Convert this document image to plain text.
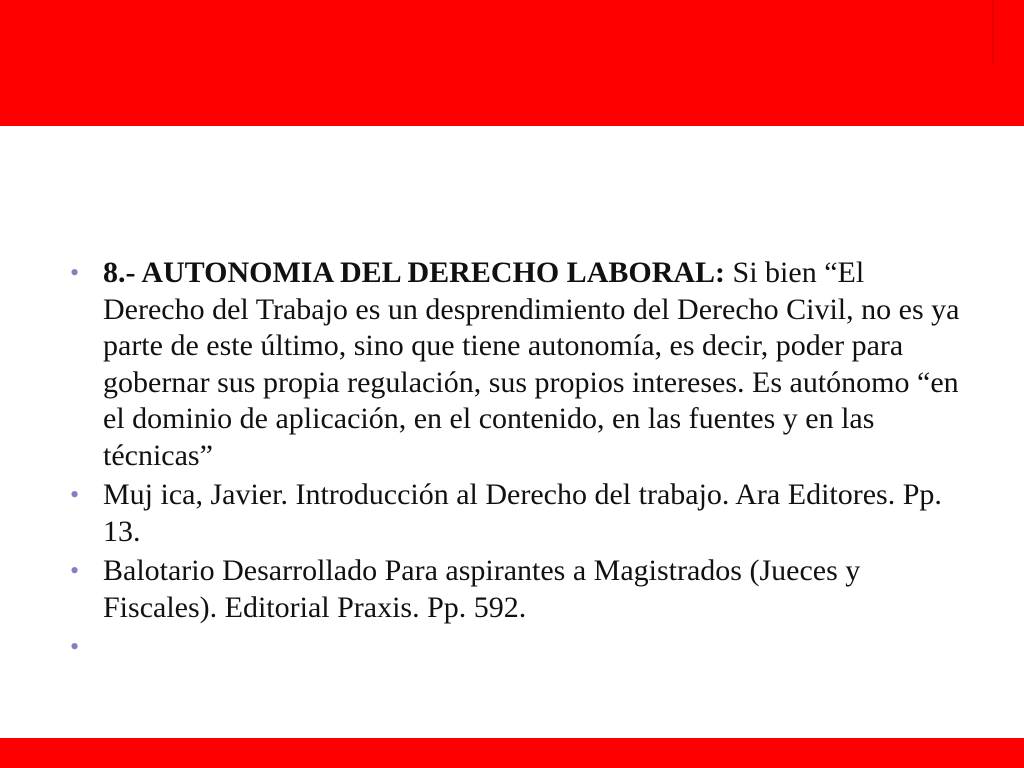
• 8.- AUTONOMIA DEL DERECHO LABORAL: Si bien “El Derecho del Trabajo es un desprendimiento del Derecho Civil, no es ya parte de este último, sino que tiene autonomía, es decir, poder para gobernar sus propia regulación, sus propios intereses. Es autónomo “en el dominio de aplicación, en el contenido, en las fuentes y en las técnicas”
• Muj ica, Javier. Introducción al Derecho del trabajo. Ara Editores. Pp. 13.
• Balotario Desarrollado Para aspirantes a Magistrados (Jueces y Fiscales). Editorial Praxis. Pp. 592.
•
